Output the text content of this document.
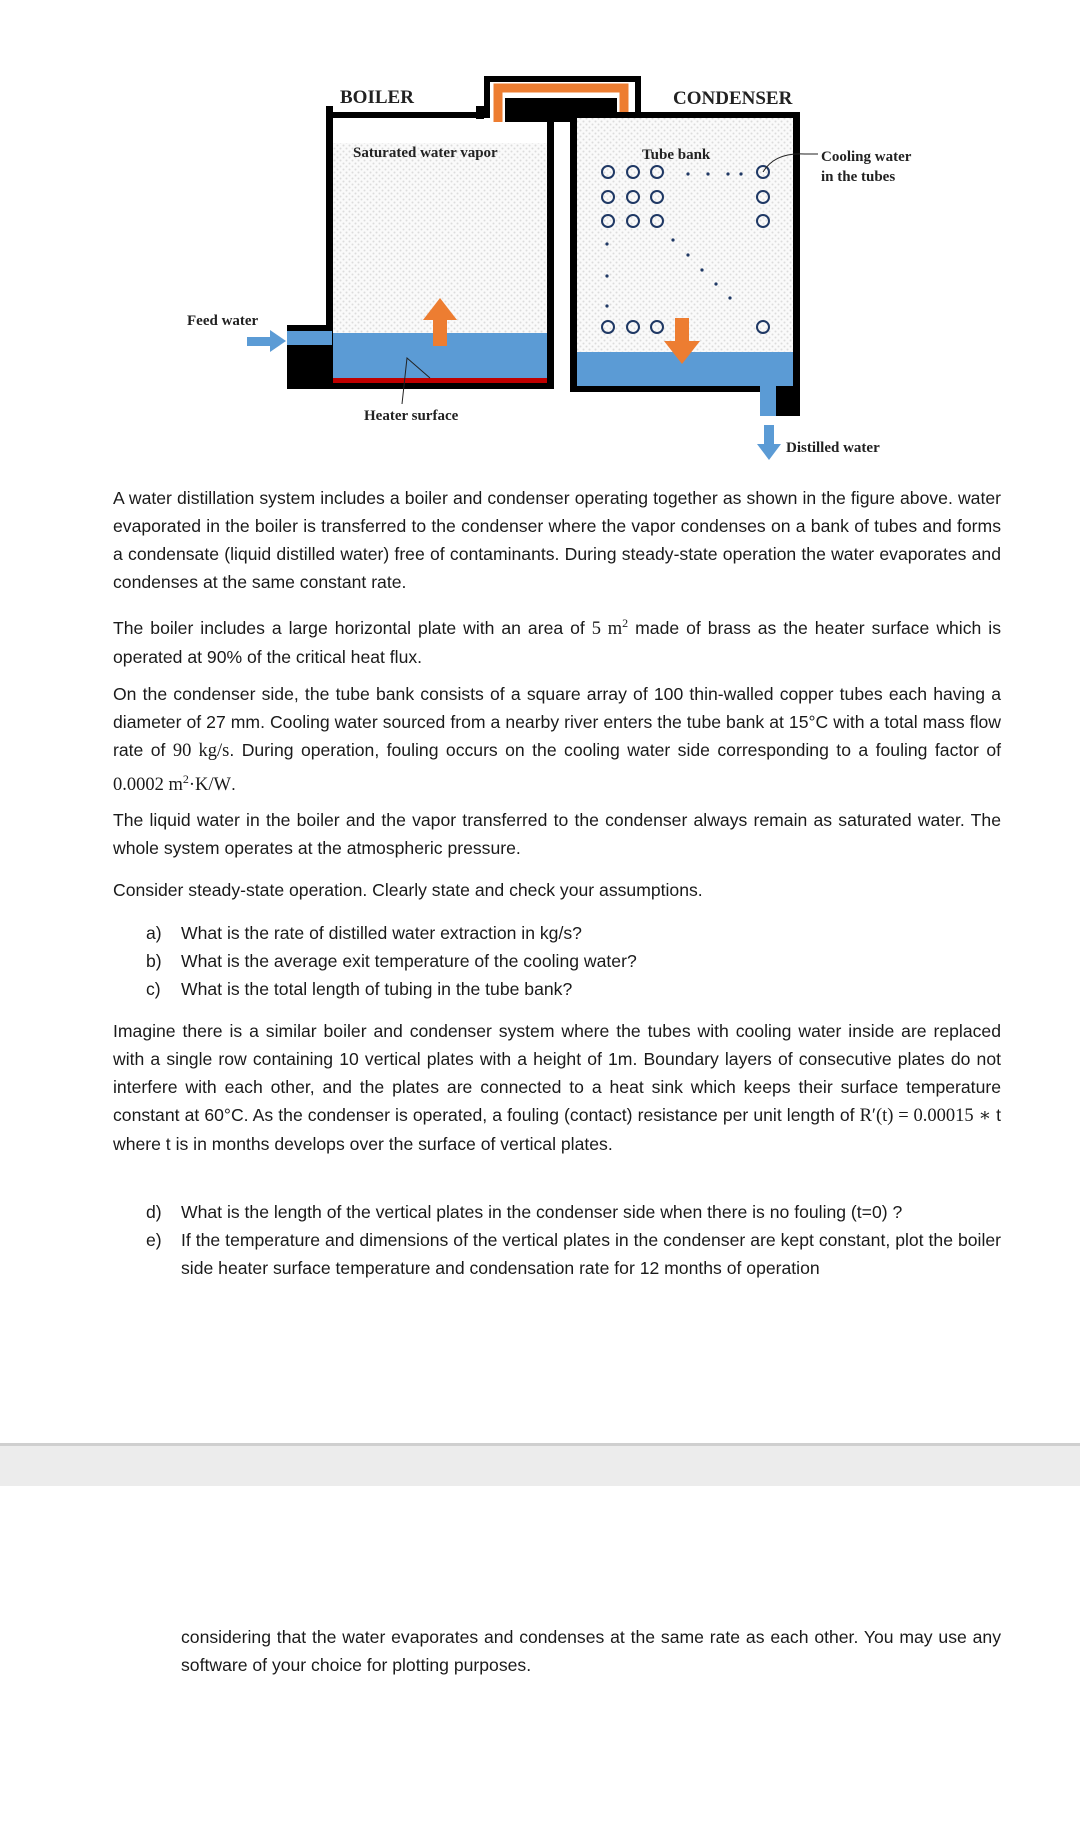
BOILER	CONDENSER
Saturated water vapor	Tube bank	Cooling water
in the tubes
Feed water
Heater surface
Distilled water
A water distillation system includes a boiler and condenser operating together as shown in the figure above. water evaporated in the boiler is transferred to the condenser where the vapor condenses on a bank of tubes and forms a condensate (liquid distilled water) free of contaminants. During steady-state operation the water evaporates and condenses at the same constant rate.
The boiler includes a large horizontal plate with an area of 5 $m^2$ made of brass as the heater surface which is operated at 90% of the critical heat flux.
On the condenser side, the tube bank consists of a square array of 100 thin-walled copper tubes each having a diameter of 27 mm. Cooling water sourced from a nearby river enters the tube bank at 15°C with a total mass flow rate of 90 kg/s. During operation, fouling occurs on the cooling water side corresponding to a fouling factor of 0.0002 $m^2\cdot K/W$.
The liquid water in the boiler and the vapor transferred to the condenser always remain as saturated water. The whole system operates at the atmospheric pressure.
Consider steady-state operation. Clearly state and check your assumptions.
a)	What is the rate of distilled water extraction in kg/s?
b)	What is the average exit temperature of the cooling water?
c)	What is the total length of tubing in the tube bank?
Imagine there is a similar boiler and condenser system where the tubes with cooling water inside are replaced with a single row containing 10 vertical plates with a height of 1m. Boundary layers of consecutive plates do not interfere with each other, and the plates are connected to a heat sink which keeps their surface temperature constant at 60°C. As the condenser is operated, a fouling (contact) resistance per unit length of R′(t) = 0.00015 ∗ t where t is in months develops over the surface of vertical plates.
d)	What is the length of the vertical plates in the condenser side when there is no fouling (t=0) ?
e)	If the temperature and dimensions of the vertical plates in the condenser are kept constant, plot the boiler side heater surface temperature and condensation rate for 12 months of operation
considering that the water evaporates and condenses at the same rate as each other. You may use any software of your choice for plotting purposes.
